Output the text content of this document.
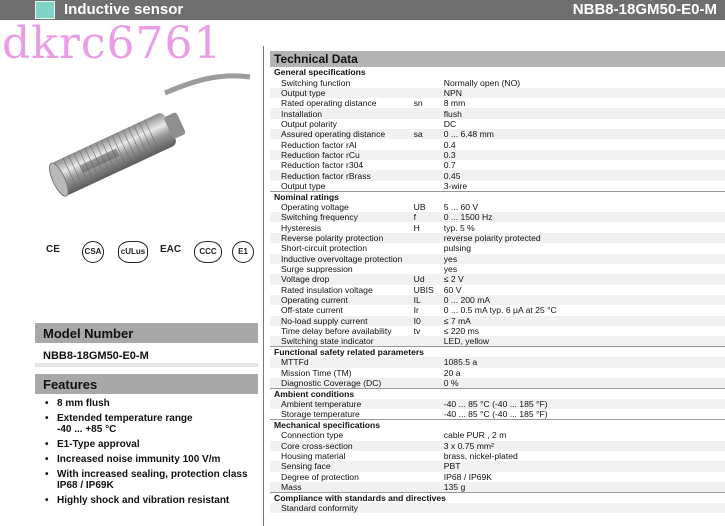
Inductive sensor	NBB8-18GM50-E0-M
dkrc6761
CE	CSA	cULus EAC	CCC	E1
Model Number
NBB8-18GM50-E0-M
Features
• 8 mm flush
• Extended temperature range
-40 ... +85 °C
• E1-Type approval
• Increased noise immunity 100 V/m
• With increased sealing, protection class
IP68 / IP69K
• Highly shock and vibration resistant
Technical Data
General specifications		
Switching function		Normally open (NO)
Output type		NPN
Rated operating distance	sn	8 mm
Installation		flush
Output polarity		DC
Assured operating distance	sa	0 ... 6.48 mm
Reduction factor rAl		0.4
Reduction factor rCu		0.3
Reduction factor r304		0.7
Reduction factor rBrass		0.45
Output type		3-wire
Nominal ratings		
Operating voltage	UB	5 ... 60 V
Switching frequency	f	0 ... 1500 Hz
Hysteresis	H	typ. 5 %
Reverse polarity protection		reverse polarity protected
Short-circuit protection		pulsing
Inductive overvoltage protection		yes
Surge suppression		yes
Voltage drop	Ud	≤ 2 V
Rated insulation voltage	UBIS	60 V
Operating current	IL	0 ... 200 mA
Off-state current	Ir	0 ... 0.5 mA typ. 6 μA at 25 °C
No-load supply current	I0	≤ 7 mA
Time delay before availability	tv	≤ 220 ms
Switching state indicator		LED, yellow
Functional safety related parameters		
MTTFd		1085.5 a
Mission Time (TM)		20 a
Diagnostic Coverage (DC)		0 %
Ambient conditions		
Ambient temperature		-40 ... 85 °C (-40 ... 185 °F)
Storage temperature		-40 ... 85 °C (-40 ... 185 °F)
Mechanical specifications		
Connection type		cable PUR , 2 m
Core cross-section		3 x 0.75 mm²
Housing material		brass, nickel-plated
Sensing face		PBT
Degree of protection		IP68 / IP69K
Mass		135 g
Compliance with standards and directives		
Standard conformity		
